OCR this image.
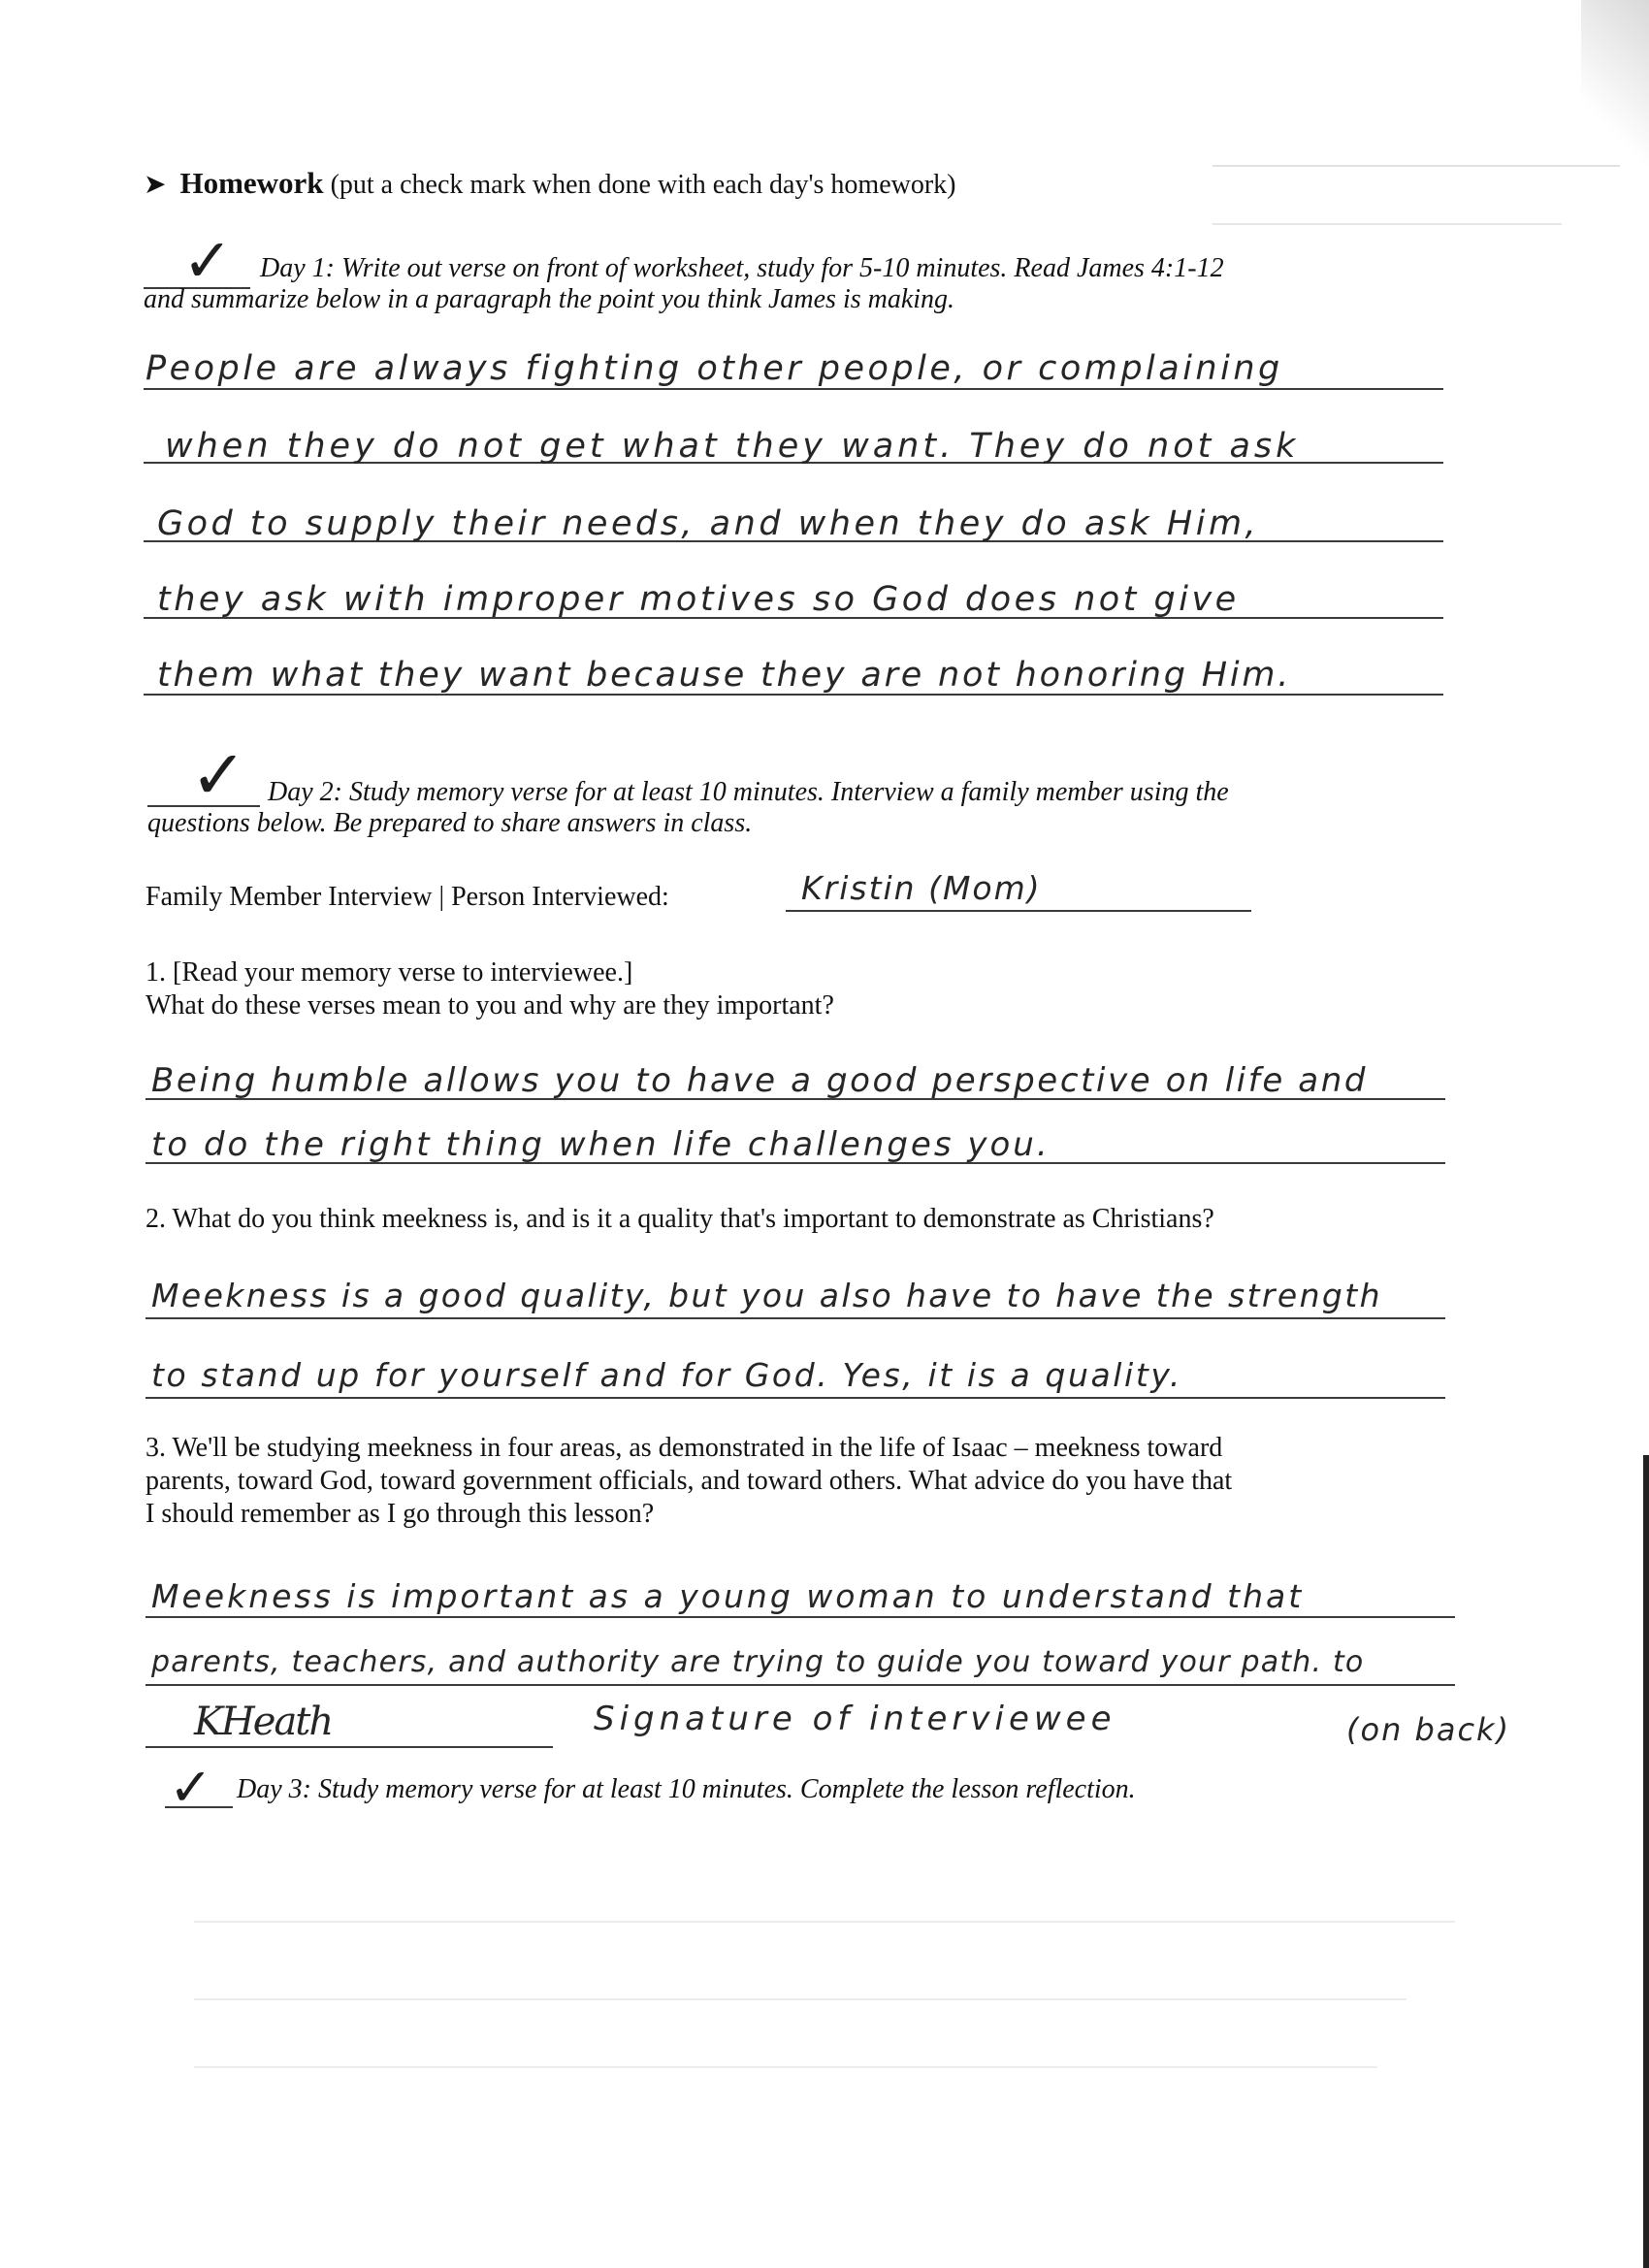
➤ Homework (put a check mark when done with each day's homework)
✓ Day 1: Write out verse on front of worksheet, study for 5-10 minutes. Read James 4:1-12
and summarize below in a paragraph the point you think James is making.
People are always fighting other people, or complaining
when they do not get what they want. They do not ask
God to supply their needs, and when they do ask Him,
they ask with improper motives so God does not give
them what they want because they are not honoring Him.
✓ Day 2: Study memory verse for at least 10 minutes. Interview a family member using the
questions below. Be prepared to share answers in class.
Family Member Interview | Person Interviewed:	Kristin (Mom)
1. [Read your memory verse to interviewee.]
What do these verses mean to you and why are they important?
Being humble allows you to have a good perspective on life and
to do the right thing when life challenges you.
2. What do you think meekness is, and is it a quality that's important to demonstrate as Christians?
Meekness is a good quality, but you also have to have the strength
to stand up for yourself and for God. Yes, it is a quality.
3. We'll be studying meekness in four areas, as demonstrated in the life of Isaac – meekness toward
parents, toward God, toward government officials, and toward others. What advice do you have that
I should remember as I go through this lesson?
Meekness is important as a young woman to understand that
parents, teachers, and authority are trying to guide you toward your path. to
KHeath	Signature of interviewee	(on back)
✓ Day 3: Study memory verse for at least 10 minutes. Complete the lesson reflection.
